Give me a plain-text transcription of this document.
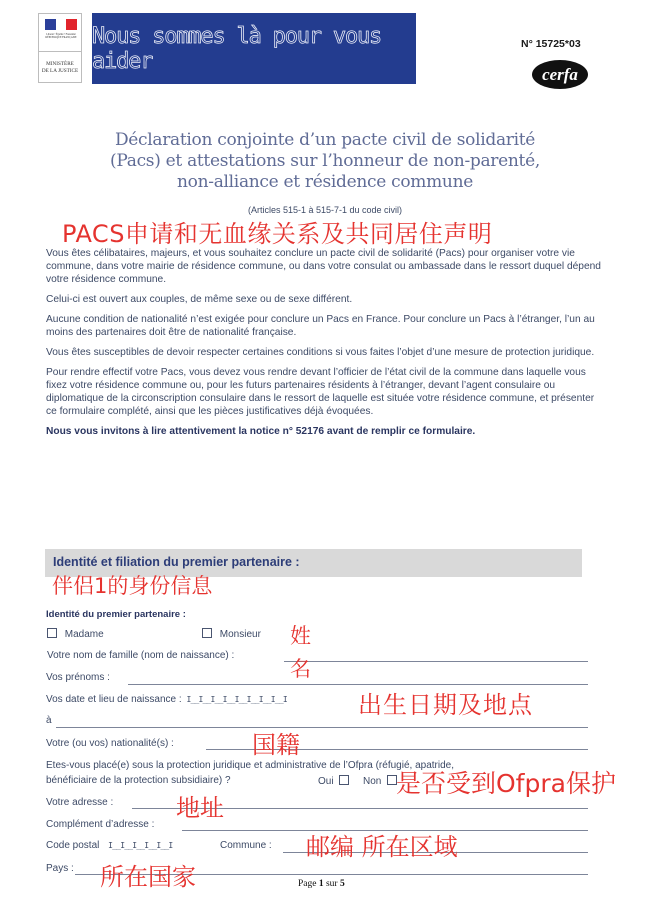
Liberté • Égalité • Fraternité
RÉPUBLIQUE FRANÇAISE
MINISTÈRE
DE LA JUSTICE
Nous sommes là pour vous aider
N° 15725*03
cerfa
Déclaration conjointe d’un pacte civil de solidarité
(Pacs) et attestations sur l’honneur de non-parenté,
non-alliance et résidence commune
(Articles 515-1 à 515-7-1 du code civil)
PACS申请和无血缘关系及共同居住声明

Vous êtes célibataires, majeurs, et vous souhaitez conclure un pacte civil de solidarité (Pacs) pour organiser votre vie commune, dans votre mairie de résidence commune, ou dans votre consulat ou ambassade dans le ressort duquel dépend votre résidence commune.

Celui-ci est ouvert aux couples, de même sexe ou de sexe différent.

Aucune condition de nationalité n’est exigée pour conclure un Pacs en France. Pour conclure un Pacs à l’étranger, l’un au moins des partenaires doit être de nationalité française.

Vous êtes susceptibles de devoir respecter certaines conditions si vous faites l’objet d’une mesure de protection juridique.

Pour rendre effectif votre Pacs, vous devez vous rendre devant l’officier de l’état civil de la commune dans laquelle vous fixez votre résidence commune ou, pour les futurs partenaires résidents à l’étranger, devant l’agent consulaire ou diplomatique de la circonscription consulaire dans le ressort de laquelle est située votre résidence commune, et présenter ce formulaire complété, ainsi que les pièces justificatives déjà évoquées.

Nous vous invitons à lire attentivement la notice n° 52176 avant de remplir ce formulaire.

Identité et filiation du premier partenaire :
伴侣1的身份信息
Identité du premier partenaire :
Madame	Monsieur 姓
Votre nom de famille (nom de naissance) :
名
Vos prénoms :
Vos date et lieu de naissance : I__I__I__I__I__I__I__I__I	出生日期及地点
à
Votre (ou vos) nationalité(s) :	国籍
Etes-vous placé(e) sous la protection juridique et administrative de l’Ofpra (réfugié, apatride,
bénéficiaire de la protection subsidiaire) ?	Oui	Non 是否受到Ofpra保护
Votre adresse :	地址
Complément d’adresse :
Code postal I__I__I__I__I__I	Commune : 邮编 所在区域
Pays : 所在国家	Page 1 sur 5
